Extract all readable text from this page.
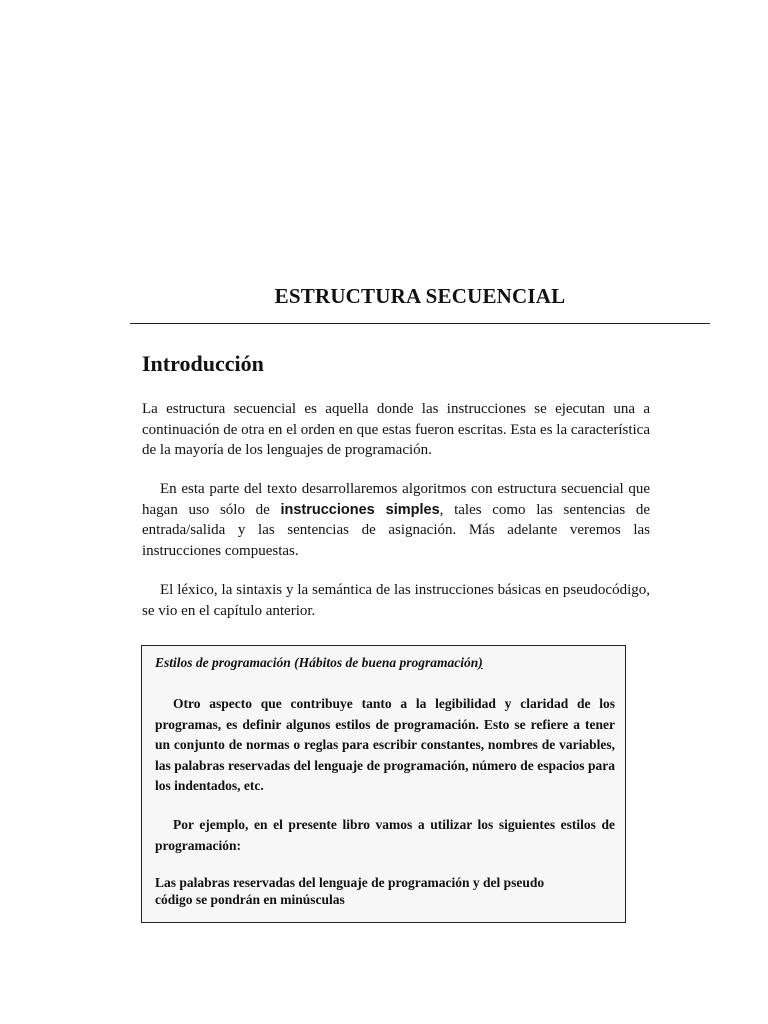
ESTRUCTURA SECUENCIAL
Introducción

La estructura secuencial es aquella donde las instrucciones se ejecutan una a continuación de otra en el orden en que estas fueron escritas. Esta es la característica de la mayoría de los lenguajes de programación.

En esta parte del texto desarrollaremos algoritmos con estructura secuencial que hagan uso sólo de instrucciones simples, tales como las sentencias de entrada/salida y las sentencias de asignación. Más adelante veremos las instrucciones compuestas.

El léxico, la sintaxis y la semántica de las instrucciones básicas en pseudocódigo, se vio en el capítulo anterior.

Estilos de programación (Hábitos de buena programación)

Otro aspecto que contribuye tanto a la legibilidad y claridad de los programas, es definir algunos estilos de programación. Esto se refiere a tener un conjunto de normas o reglas para escribir constantes, nombres de variables, las palabras reservadas del lenguaje de programación, número de espacios para los indentados, etc.

Por ejemplo, en el presente libro vamos a utilizar los siguientes estilos de programación:

Las palabras reservadas del lenguaje de programación y del pseudo
código se pondrán en minúsculas
